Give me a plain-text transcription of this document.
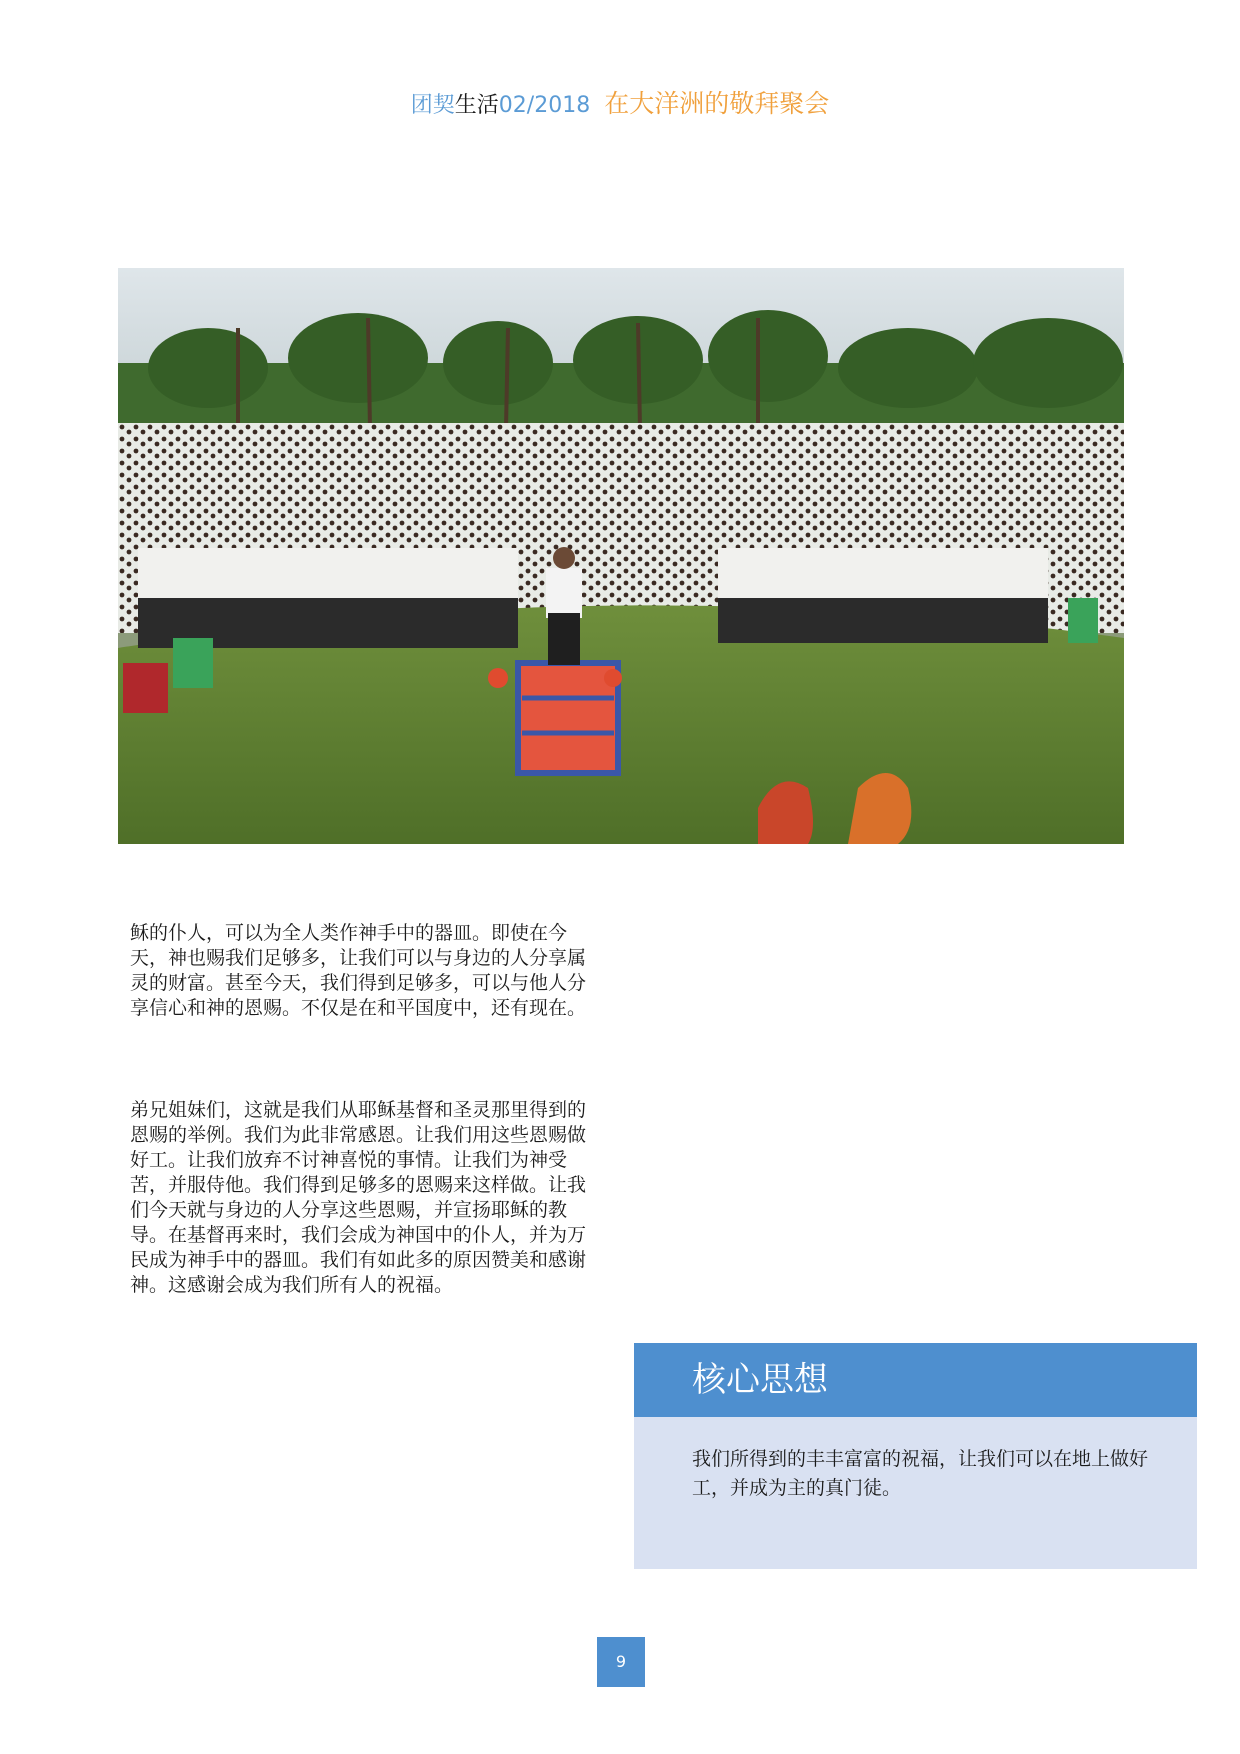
团契生活02/2018 在大洋洲的敬拜聚会
稣的仆人，可以为全人类作神手中的器皿。即使在今天，神也赐我们足够多，让我们可以与身边的人分享属灵的财富。甚至今天，我们得到足够多，可以与他人分享信心和神的恩赐。不仅是在和平国度中，还有现在。
弟兄姐妹们，这就是我们从耶稣基督和圣灵那里得到的恩赐的举例。我们为此非常感恩。让我们用这些恩赐做好工。让我们放弃不讨神喜悦的事情。让我们为神受苦，并服侍他。我们得到足够多的恩赐来这样做。让我们今天就与身边的人分享这些恩赐，并宣扬耶稣的教导。在基督再来时，我们会成为神国中的仆人，并为万民成为神手中的器皿。我们有如此多的原因赞美和感谢神。这感谢会成为我们所有人的祝福。
核心思想
我们所得到的丰丰富富的祝福，让我们可以在地上做好工，并成为主的真门徒。
9
